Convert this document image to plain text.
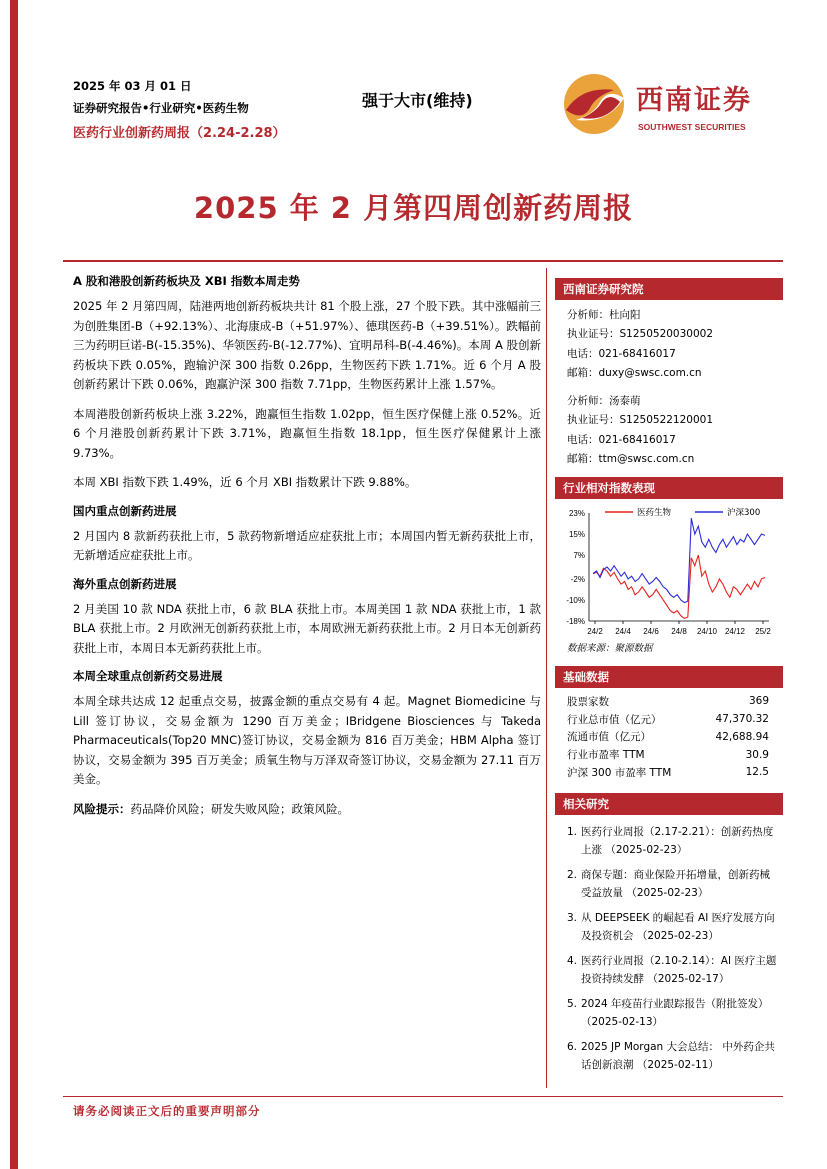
2025 年 03 月 01 日
证券研究报告•行业研究•医药生物
医药行业创新药周报（2.24-2.28）
强于大市(维持)	西南证券
SOUTHWEST SECURITIES
2025 年 2 月第四周创新药周报
A 股和港股创新药板块及 XBI 指数本周走势

2025 年 2 月第四周，陆港两地创新药板块共计 81 个股上涨，27 个股下跌。其中涨幅前三为创胜集团-B（+92.13%）、北海康成-B（+51.97%）、德琪医药-B（+39.51%）。跌幅前三为药明巨诺-B(-15.35%)、华领医药-B(-12.77%)、宜明昂科-B(-4.46%)。本周 A 股创新药板块下跌 0.05%，跑输沪深 300 指数 0.26pp，生物医药下跌 1.71%。近 6 个月 A 股创新药累计下跌 0.06%，跑赢沪深 300 指数 7.71pp，生物医药累计上涨 1.57%。

本周港股创新药板块上涨 3.22%，跑赢恒生指数 1.02pp，恒生医疗保健上涨 0.52%。近 6 个月港股创新药累计下跌 3.71%，跑赢恒生指数 18.1pp，恒生医疗保健累计上涨 9.73%。

本周 XBI 指数下跌 1.49%，近 6 个月 XBI 指数累计下跌 9.88%。

国内重点创新药进展

2 月国内 8 款新药获批上市，5 款药物新增适应症获批上市；本周国内暂无新药获批上市，无新增适应症获批上市。

海外重点创新药进展

2 月美国 10 款 NDA 获批上市，6 款 BLA 获批上市。本周美国 1 款 NDA 获批上市，1 款 BLA 获批上市。2 月欧洲无创新药获批上市，本周欧洲无新药获批上市。2 月日本无创新药获批上市，本周日本无新药获批上市。

本周全球重点创新药交易进展

本周全球共达成 12 起重点交易，披露金额的重点交易有 4 起。Magnet Biomedicine 与 Lill 签订协议，交易金额为 1290 百万美金；IBridgene Biosciences 与 Takeda Pharmaceuticals(Top20 MNC)签订协议，交易金额为 816 百万美金；HBM Alpha 签订协议，交易金额为 395 百万美金；质氧生物与万泽双奇签订协议，交易金额为 27.11 百万美金。

风险提示：药品降价风险；研发失败风险；政策风险。
西南证券研究院
分析师：杜向阳
执业证号：S1250520030002
电话：021-68416017
邮箱：duxy@swsc.com.cn
分析师：汤泰萌
执业证号：S1250522120001
电话：021-68416017
邮箱：ttm@swsc.com.cn
行业相对指数表现
23%
15%
7%
-2%
-10%
-18%
24/2 24/4 24/6 24/8 24/10 24/12 25/2
医药生物	沪深300
数据来源：聚源数据
基础数据
股票家数	369
行业总市值（亿元）	47,370.32
流通市值（亿元）	42,688.94
行业市盈率 TTM	30.9
沪深 300 市盈率 TTM	12.5
相关研究
1. 医药行业周报（2.17-2.21）：创新药热度上涨 （2025-02-23）
2. 商保专题：商业保险开拓增量，创新药械受益放量 （2025-02-23）
3. 从 DEEPSEEK 的崛起看 AI 医疗发展方向及投资机会 （2025-02-23）
4. 医药行业周报（2.10-2.14）：AI 医疗主题投资持续发酵 （2025-02-17）
5. 2024 年疫苗行业跟踪报告（附批签发）（2025-02-13）
6. 2025 JP Morgan 大会总结： 中外药企共话创新浪潮 （2025-02-11）
请务必阅读正文后的重要声明部分
